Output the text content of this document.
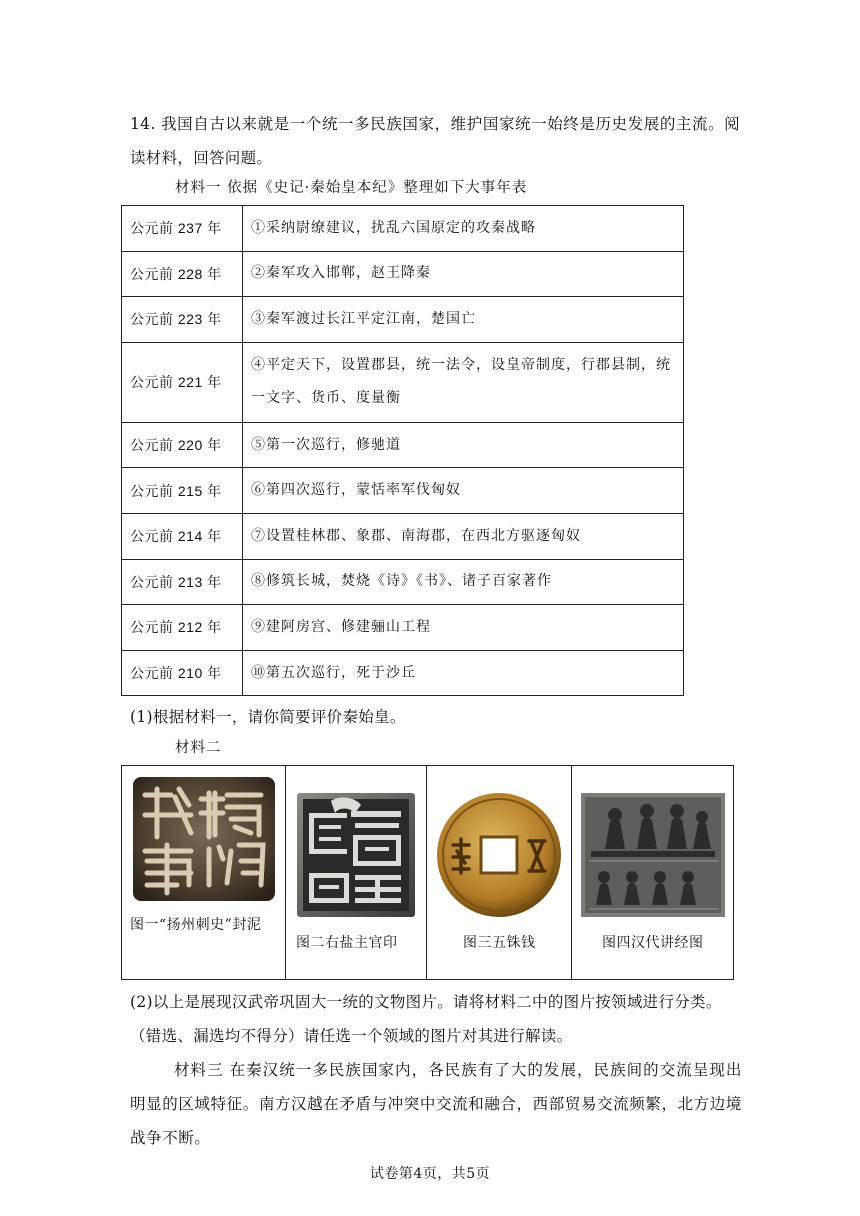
14. 我国自古以来就是一个统一多民族国家，维护国家统一始终是历史发展的主流。阅读材料，回答问题。
材料一 依据《史记·秦始皇本纪》整理如下大事年表
公元前 237 年	①采纳尉缭建议，扰乱六国原定的攻秦战略
公元前 228 年	②秦军攻入邯郸，赵王降秦
公元前 223 年	③秦军渡过长江平定江南，楚国亡
公元前 221 年	④平定天下，设置郡县，统一法令，设皇帝制度，行郡县制，统一文字、货币、度量衡
公元前 220 年	⑤第一次巡行，修驰道
公元前 215 年	⑥第四次巡行，蒙恬率军伐匈奴
公元前 214 年	⑦设置桂林郡、象郡、南海郡，在西北方驱逐匈奴
公元前 213 年	⑧修筑长城，焚烧《诗》《书》、诸子百家著作
公元前 212 年	⑨建阿房宫、修建骊山工程
公元前 210 年	⑩第五次巡行，死于沙丘
(1)根据材料一，请你简要评价秦始皇。
材料二
图一“扬州刺史”封泥

图二右盐主官印	图三五铢钱	图四汉代讲经图
(2)以上是展现汉武帝巩固大一统的文物图片。请将材料二中的图片按领域进行分类。（错选、漏选均不得分）请任选一个领域的图片对其进行解读。
材料三 在秦汉统一多民族国家内，各民族有了大的发展，民族间的交流呈现出明显的区域特征。南方汉越在矛盾与冲突中交流和融合，西部贸易交流频繁，北方边境战争不断。
试卷第4页，共5页
